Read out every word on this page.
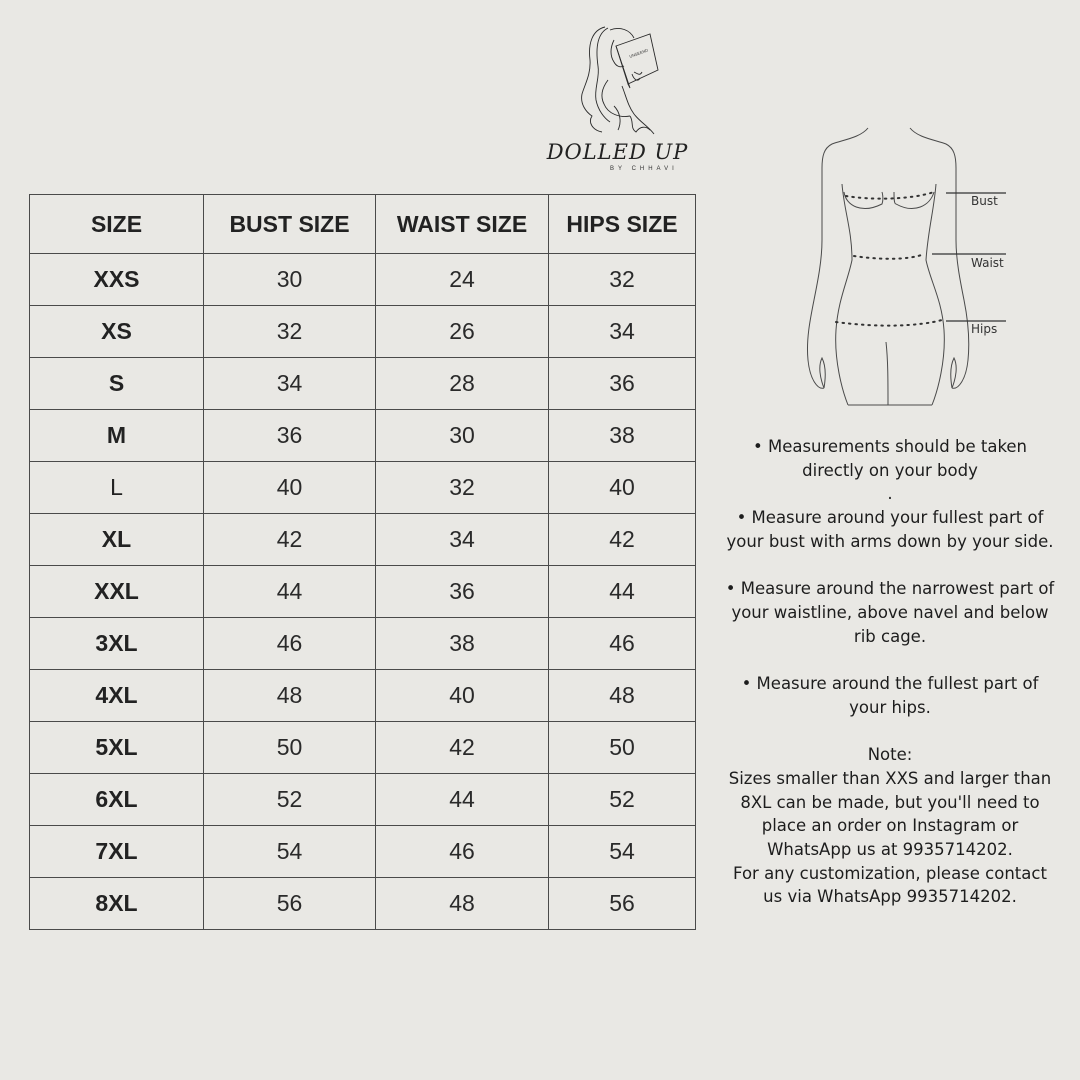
UNSEEND
DOLLED UP
BY CHHAVI
SIZE	BUST SIZE	WAIST SIZE	HIPS SIZE
XXS	30	24	32
XS	32	26	34
S	34	28	36
M	36	30	38
L	40	32	40
XL	42	34	42
XXL	44	36	44
3XL	46	38	46
4XL	48	40	48
5XL	50	42	50
6XL	52	44	52
7XL	54	46	54
8XL	56	48	56
Bust
Waist
Hips

• Measurements should be taken directly on your body

.

• Measure around your fullest part of your bust with arms down by your side.

• Measure around the narrowest part of your waistline, above navel and below rib cage.

• Measure around the fullest part of your hips.

Note:

Sizes smaller than XXS and larger than 8XL can be made, but you'll need to place an order on Instagram or WhatsApp us at 9935714202.

For any customization, please contact us via WhatsApp 9935714202.
